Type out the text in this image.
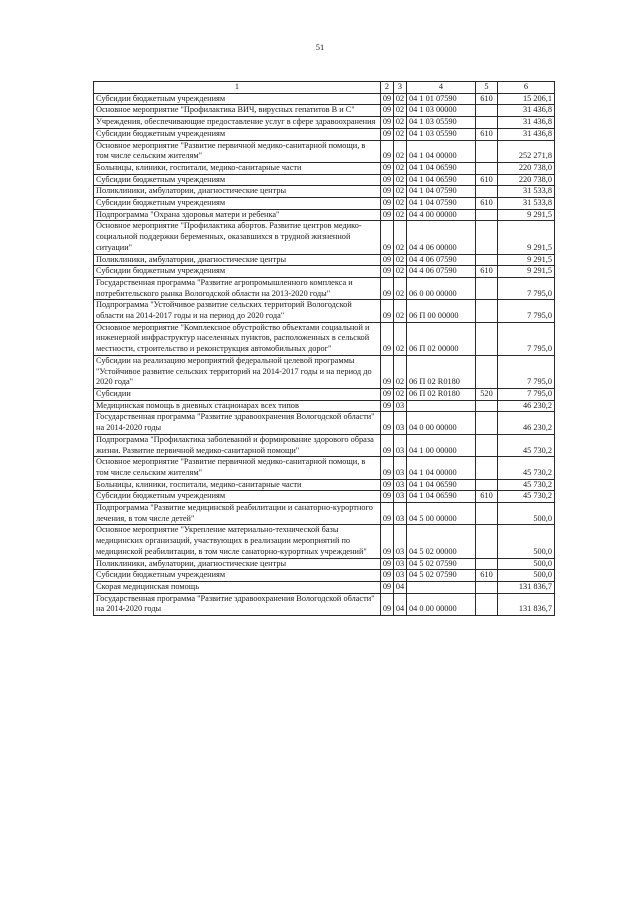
51
1	2	3	4	5	6
Субсидии бюджетным учреждениям	09	02	04 1 01 07590	610	15 206,1
Основное мероприятие "Профилактика ВИЧ, вирусных гепатитов В и С"	09	02	04 1 03 00000		31 436,8
Учреждения, обеспечивающие предоставление услуг в сфере здравоохранения	09	02	04 1 03 05590		31 436,8
Субсидии бюджетным учреждениям	09	02	04 1 03 05590	610	31 436,8
Основное мероприятие "Развитие первичной медико-санитарной помощи, в том числе сельским жителям"	09	02	04 1 04 00000		252 271,8
Больницы, клиники, госпитали, медико-санитарные части	09	02	04 1 04 06590		220 738,0
Субсидии бюджетным учреждениям	09	02	04 1 04 06590	610	220 738,0
Поликлиники, амбулатории, диагностические центры	09	02	04 1 04 07590		31 533,8
Субсидии бюджетным учреждениям	09	02	04 1 04 07590	610	31 533,8
Подпрограмма "Охрана здоровья матери и ребенка"	09	02	04 4 00 00000		9 291,5
Основное мероприятие "Профилактика абортов. Развитие центров медико-социальной поддержки беременных, оказавшихся в трудной жизненной ситуации"	09	02	04 4 06 00000		9 291,5
Поликлиники, амбулатории, диагностические центры	09	02	04 4 06 07590		9 291,5
Субсидии бюджетным учреждениям	09	02	04 4 06 07590	610	9 291,5
Государственная программа "Развитие агропромышленного комплекса и потребительского рынка Вологодской области на 2013-2020 годы"	09	02	06 0 00 00000		7 795,0
Подпрограмма "Устойчивое развитие сельских территорий Вологодской области на 2014-2017 годы и на период до 2020 года"	09	02	06 П 00 00000		7 795,0
Основное мероприятие "Комплексное обустройство объектами социальной и инженерной инфраструктур населенных пунктов, расположенных в сельской местности, строительство и реконструкция автомобильных дорог"	09	02	06 П 02 00000		7 795,0
Субсидии на реализацию мероприятий федеральной целевой программы "Устойчивое развитие сельских территорий на 2014-2017 годы и на период до 2020 года"	09	02	06 П 02 R0180		7 795,0
Субсидии	09	02	06 П 02 R0180	520	7 795,0
Медицинская помощь в дневных стационарах всех типов	09	03			46 230,2
Государственная программа "Развитие здравоохранения Вологодской области" на 2014-2020 годы	09	03	04 0 00 00000		46 230,2
Подпрограмма "Профилактика заболеваний и формирование здорового образа жизни. Развитие первичной медико-санитарной помощи"	09	03	04 1 00 00000		45 730,2
Основное мероприятие "Развитие первичной медико-санитарной помощи, в том числе сельским жителям"	09	03	04 1 04 00000		45 730,2
Больницы, клиники, госпитали, медико-санитарные части	09	03	04 1 04 06590		45 730,2
Субсидии бюджетным учреждениям	09	03	04 1 04 06590	610	45 730,2
Подпрограмма "Развитие медицинской реабилитации и санаторно-курортного лечения, в том числе детей"	09	03	04 5 00 00000		500,0
Основное мероприятие "Укрепление материально-технической базы медицинских организаций, участвующих в реализации мероприятий по медицинской реабилитации, в том числе санаторно-курортных учреждений"	09	03	04 5 02 00000		500,0
Поликлиники, амбулатории, диагностические центры	09	03	04 5 02 07590		500,0
Субсидии бюджетным учреждениям	09	03	04 5 02 07590	610	500,0
Скорая медицинская помощь	09	04			131 836,7
Государственная программа "Развитие здравоохранения Вологодской области" на 2014-2020 годы	09	04	04 0 00 00000		131 836,7
